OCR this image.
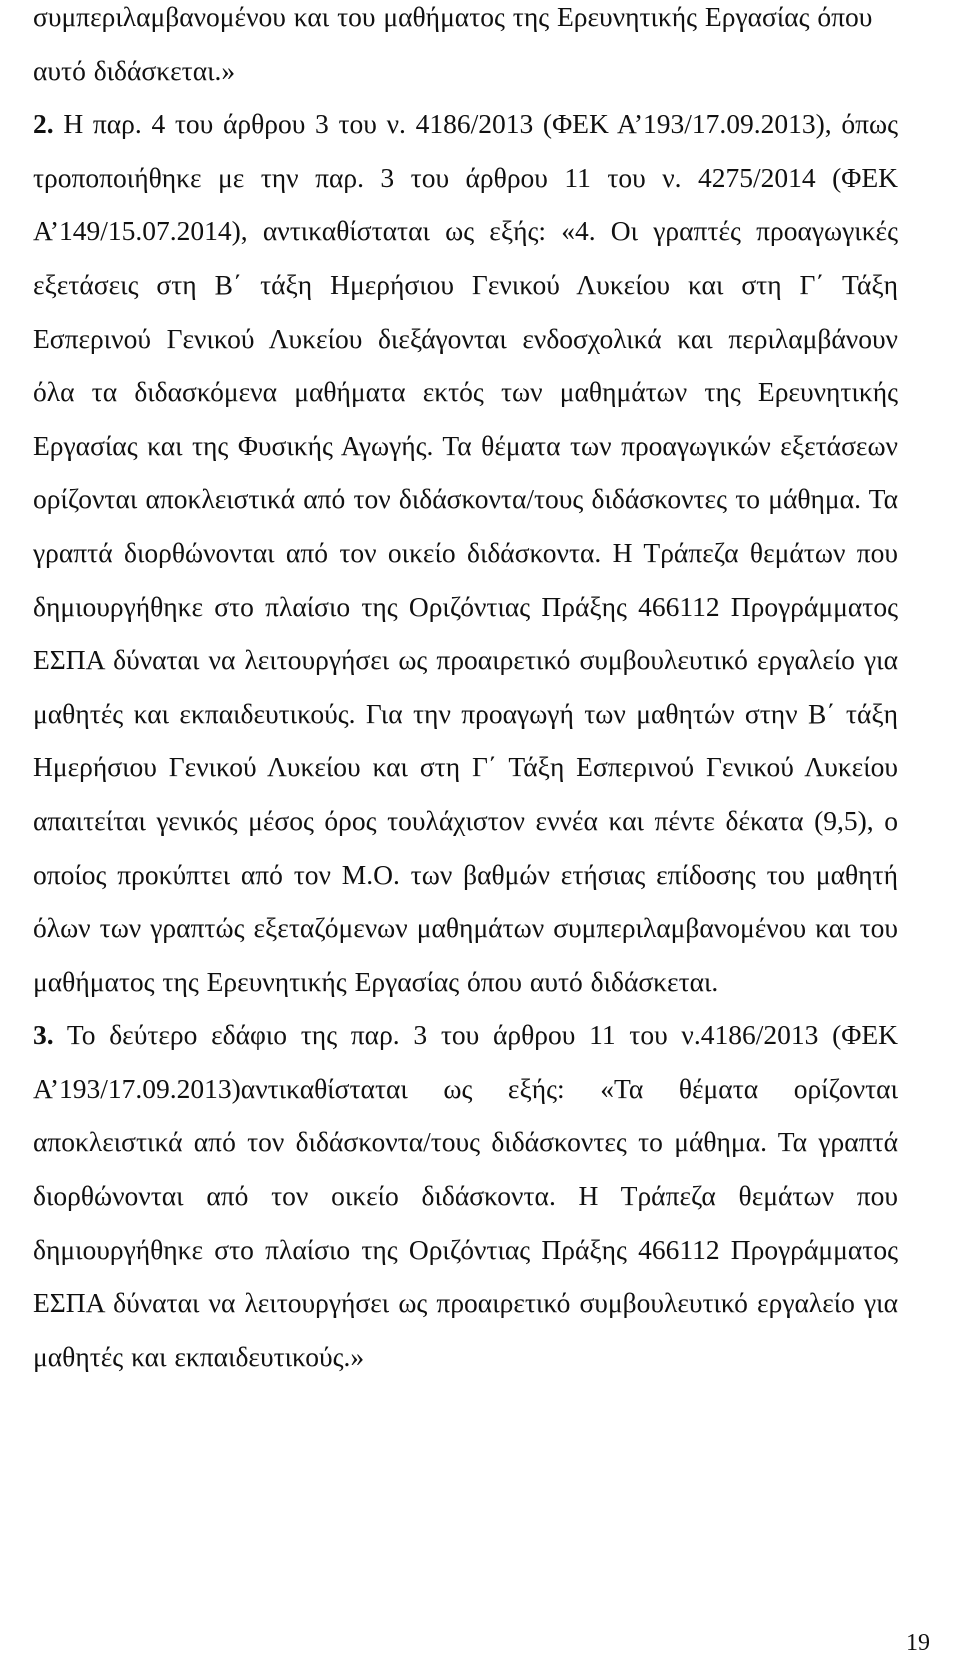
συμπεριλαμβανομένου και του μαθήματος της Ερευνητικής Εργασίας όπου αυτό διδάσκεται.»

2. Η παρ. 4 του άρθρου 3 του ν. 4186/2013 (ΦΕΚ Α’193/17.09.2013), όπως τροποποιήθηκε με την παρ. 3 του άρθρου 11 του ν. 4275/2014 (ΦΕΚ Α’149/15.07.2014), αντικαθίσταται ως εξής: «4. Οι γραπτές προαγωγικές εξετάσεις στη Β΄ τάξη Ημερήσιου Γενικού Λυκείου και στη Γ΄ Τάξη Εσπερινού Γενικού Λυκείου διεξάγονται ενδοσχολικά και περιλαμβάνουν όλα τα διδασκόμενα μαθήματα εκτός των μαθημάτων της Ερευνητικής Εργασίας και της Φυσικής Αγωγής. Τα θέματα των προαγωγικών εξετάσεων ορίζονται αποκλειστικά από τον διδάσκοντα/τους διδάσκοντες το μάθημα. Τα γραπτά διορθώνονται από τον οικείο διδάσκοντα. Η Τράπεζα θεμάτων που δημιουργήθηκε στο πλαίσιο της Οριζόντιας Πράξης 466112 Προγράμματος ΕΣΠΑ δύναται να λειτουργήσει ως προαιρετικό συμβουλευτικό εργαλείο για μαθητές και εκπαιδευτικούς. Για την προαγωγή των μαθητών στην Β΄ τάξη Ημερήσιου Γενικού Λυκείου και στη Γ΄ Τάξη Εσπερινού Γενικού Λυκείου απαιτείται γενικός μέσος όρος τουλάχιστον εννέα και πέντε δέκατα (9,5), ο οποίος προκύπτει από τον Μ.Ο. των βαθμών ετήσιας επίδοσης του μαθητή όλων των γραπτώς εξεταζόμενων μαθημάτων συμπεριλαμβανομένου και του μαθήματος της Ερευνητικής Εργασίας όπου αυτό διδάσκεται.

3. Το δεύτερο εδάφιο της παρ. 3 του άρθρου 11 του ν.4186/2013 (ΦΕΚ Α’193/17.09.2013)αντικαθίσταται ως εξής: «Τα θέματα ορίζονται αποκλειστικά από τον διδάσκοντα/τους διδάσκοντες το μάθημα. Τα γραπτά διορθώνονται από τον οικείο διδάσκοντα. Η Τράπεζα θεμάτων που δημιουργήθηκε στο πλαίσιο της Οριζόντιας Πράξης 466112 Προγράμματος ΕΣΠΑ δύναται να λειτουργήσει ως προαιρετικό συμβουλευτικό εργαλείο για μαθητές και εκπαιδευτικούς.»

19
